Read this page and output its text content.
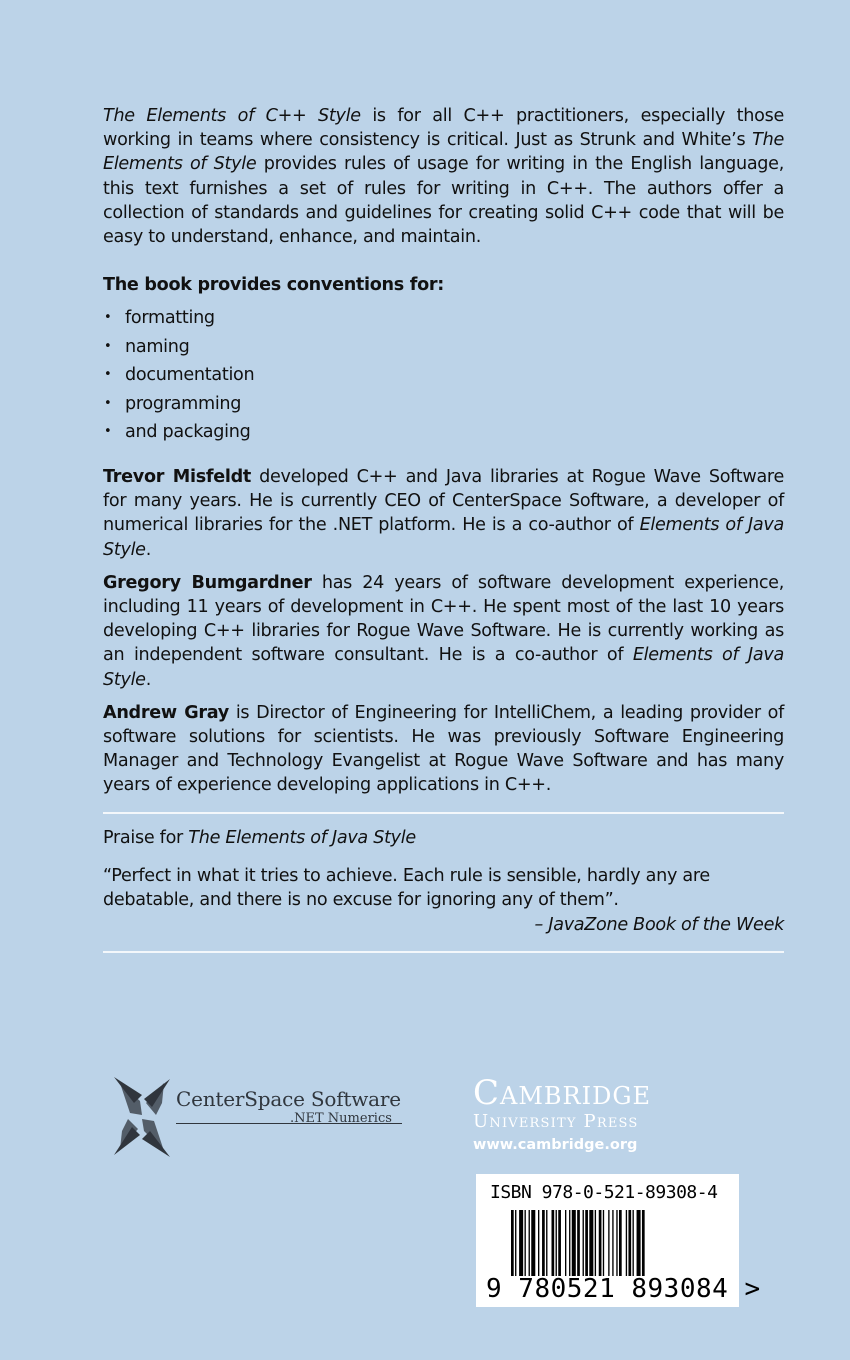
The Elements of C++ Style is for all C++ practitioners, especially those working in teams where consistency is critical. Just as Strunk and White’s The Elements of Style provides rules of usage for writing in the English language, this text furnishes a set of rules for writing in C++. The authors offer a collection of standards and guidelines for creating solid C++ code that will be easy to understand, enhance, and maintain.

The book provides conventions for:
• formatting
• naming
• documentation
• programming
• and packaging

Trevor Misfeldt developed C++ and Java libraries at Rogue Wave Software for many years. He is currently CEO of CenterSpace Software, a developer of numerical libraries for the .NET platform. He is a co-author of Elements of Java Style.

Gregory Bumgardner has 24 years of software development experience, including 11 years of development in C++. He spent most of the last 10 years developing C++ libraries for Rogue Wave Software. He is currently working as an independent software consultant. He is a co-author of Elements of Java Style.

Andrew Gray is Director of Engineering for IntelliChem, a leading provider of software solutions for scientists. He was previously Software Engineering Manager and Technology Evangelist at Rogue Wave Software and has many years of experience developing applications in C++.

Praise for The Elements of Java Style

“Perfect in what it tries to achieve. Each rule is sensible, hardly any are debatable, and there is no excuse for ignoring any of them”.

– JavaZone Book of the Week
CenterSpace Software
.NET Numerics
Cambridge
University Press
www.cambridge.org
ISBN 978-0-521-89308-4
9 780521 893084 >
